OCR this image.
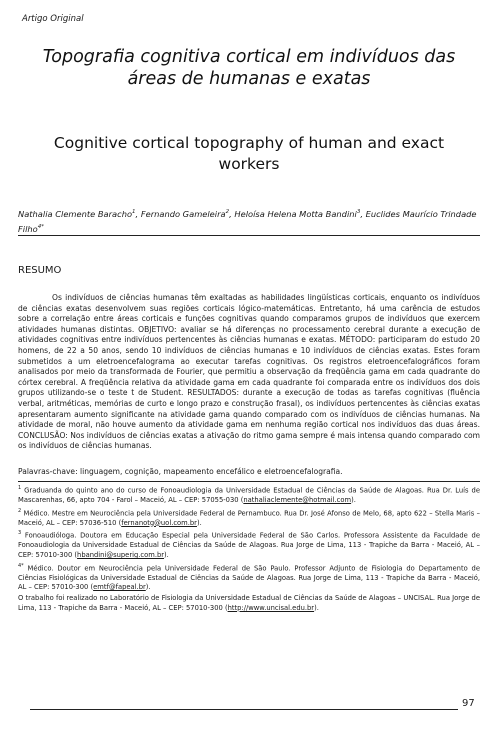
Artigo Original
Topografia cognitiva cortical em indivíduos das
áreas de humanas e exatas
Cognitive cortical topography of human and exact
workers
Nathalia Clemente Baracho$^1$, Fernando Gameleira$^2$, Heloísa Helena Motta Bandini$^3$, Euclides Maurício Trindade Filho$^{4*}$
RESUMO
Os indivíduos de ciências humanas têm exaltadas as habilidades lingüísticas corticais, enquanto os indivíduos de ciências exatas desenvolvem suas regiões corticais lógico-matemáticas. Entretanto, há uma carência de estudos sobre a correlação entre áreas corticais e funções cognitivas quando comparamos grupos de indivíduos que exercem atividades humanas distintas. OBJETIVO: avaliar se há diferenças no processamento cerebral durante a execução de atividades cognitivas entre indivíduos pertencentes às ciências humanas e exatas. MÉTODO: participaram do estudo 20 homens, de 22 a 50 anos, sendo 10 indivíduos de ciências humanas e 10 indivíduos de ciências exatas. Estes foram submetidos a um eletroencefalograma ao executar tarefas cognitivas. Os registros eletroencefalográficos foram analisados por meio da transformada de Fourier, que permitiu a observação da freqüência gama em cada quadrante do córtex cerebral. A freqüência relativa da atividade gama em cada quadrante foi comparada entre os indivíduos dos dois grupos utilizando-se o teste t de Student. RESULTADOS: durante a execução de todas as tarefas cognitivas (fluência verbal, aritméticas, memórias de curto e longo prazo e construção frasal), os indivíduos pertencentes às ciências exatas apresentaram aumento significante na atividade gama quando comparado com os indivíduos de ciências humanas. Na atividade de moral, não houve aumento da atividade gama em nenhuma região cortical nos indivíduos das duas áreas. CONCLUSÃO: Nos indivíduos de ciências exatas a ativação do ritmo gama sempre é mais intensa quando comparado com os indivíduos de ciências humanas.
Palavras-chave: linguagem, cognição, mapeamento encefálico e eletroencefalografia.

$^1$ Graduanda do quinto ano do curso de Fonoaudiologia da Universidade Estadual de Ciências da Saúde de Alagoas. Rua Dr. Luís de Mascarenhas, 66, apto 704 - Farol – Maceió, AL – CEP: 57055-030 (nathaliaclemente@hotmail.com).

$^2$ Médico. Mestre em Neurociência pela Universidade Federal de Pernambuco. Rua Dr. José Afonso de Melo, 68, apto 622 – Stella Maris – Maceió, AL – CEP: 57036-510 (fernanotg@uol.com.br).

$^3$ Fonoaudióloga. Doutora em Educação Especial pela Universidade Federal de São Carlos. Professora Assistente da Faculdade de Fonoaudiologia da Universidade Estadual de Ciências da Saúde de Alagoas. Rua Jorge de Lima, 113 - Trapiche da Barra - Maceió, AL – CEP: 57010-300 (hbandini@superig.com.br).

$^{4*}$ Médico. Doutor em Neurociência pela Universidade Federal de São Paulo. Professor Adjunto de Fisiologia do Departamento de Ciências Fisiológicas da Universidade Estadual de Ciências da Saúde de Alagoas. Rua Jorge de Lima, 113 - Trapiche da Barra - Maceió, AL – CEP: 57010-300 (emtf@fapeal.br).

O trabalho foi realizado no Laboratório de Fisiologia da Universidade Estadual de Ciências da Saúde de Alagoas – UNCISAL. Rua Jorge de Lima, 113 - Trapiche da Barra - Maceió, AL – CEP: 57010-300 (http://www.uncisal.edu.br).

97
